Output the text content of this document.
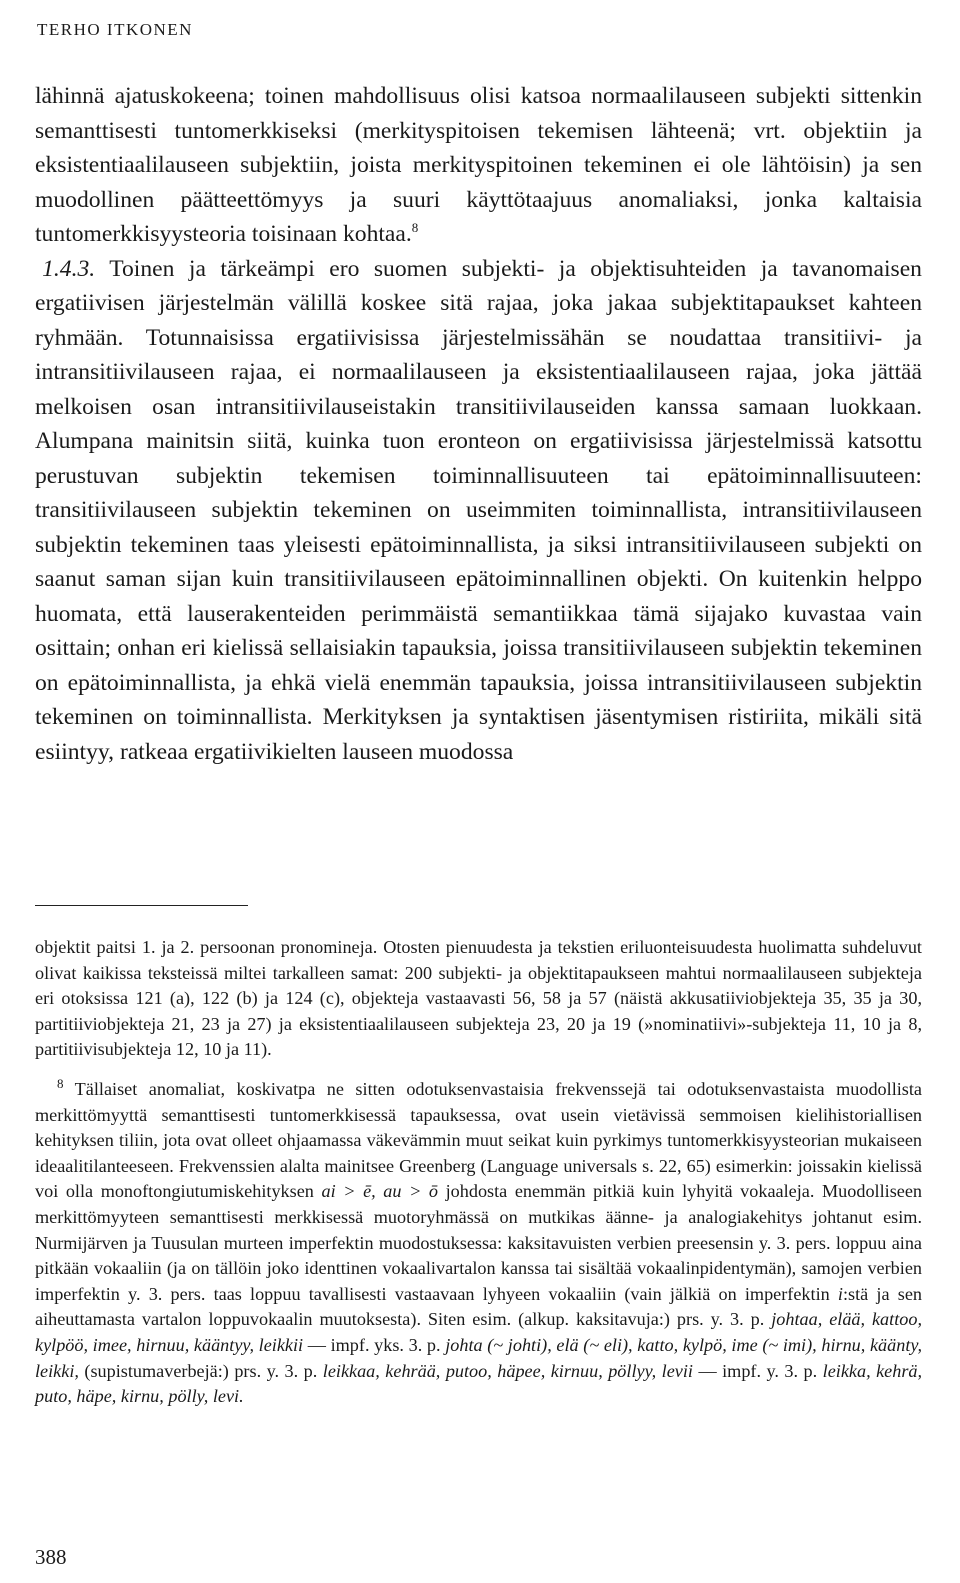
TERHO ITKONEN

lähinnä ajatuskokeena; toinen mahdollisuus olisi katsoa normaalilauseen subjekti sittenkin semanttisesti tuntomerkkiseksi (merkityspitoisen tekemisen lähteenä; vrt. objektiin ja eksistentiaalilauseen subjektiin, joista merkityspitoinen tekeminen ei ole lähtöisin) ja sen muodollinen päätteettömyys ja suuri käyttötaajuus anomaliaksi, jonka kaltaisia tuntomerkkisyysteoria toisinaan kohtaa.$^8$

1.4.3. Toinen ja tärkeämpi ero suomen subjekti- ja objektisuhteiden ja tavanomaisen ergatiivisen järjestelmän välillä koskee sitä rajaa, joka jakaa subjektitapaukset kahteen ryhmään. Totunnaisissa ergatiivisissa järjestelmissähän se noudattaa transitiivi- ja intransitiivilauseen rajaa, ei normaalilauseen ja eksistentiaalilauseen rajaa, joka jättää melkoisen osan intransitiivilauseistakin transitiivilauseiden kanssa samaan luokkaan. Alumpana mainitsin siitä, kuinka tuon eronteon on ergatiivisissa järjestelmissä katsottu perustuvan subjektin tekemisen toiminnallisuuteen tai epätoiminnallisuuteen: transitiivilauseen subjektin tekeminen on useimmiten toiminnallista, intransitiivilauseen subjektin tekeminen taas yleisesti epätoiminnallista, ja siksi intransitiivilauseen subjekti on saanut saman sijan kuin transitiivilauseen epätoiminnallinen objekti. On kuitenkin helppo huomata, että lauserakenteiden perimmäistä semantiikkaa tämä sijajako kuvastaa vain osittain; onhan eri kielissä sellaisiakin tapauksia, joissa transitiivilauseen subjektin tekeminen on epätoiminnallista, ja ehkä vielä enemmän tapauksia, joissa intransitiivilauseen subjektin tekeminen on toiminnallista. Merkityksen ja syntaktisen jäsentymisen ristiriita, mikäli sitä esiintyy, ratkeaa ergatiivikielten lauseen muodossa

objektit paitsi 1. ja 2. persoonan pronomineja. Otosten pienuudesta ja tekstien eriluonteisuudesta huolimatta suhdeluvut olivat kaikissa teksteissä miltei tarkalleen samat: 200 subjekti- ja objektitapaukseen mahtui normaalilauseen subjekteja eri otoksissa 121 (a), 122 (b) ja 124 (c), objekteja vastaavasti 56, 58 ja 57 (näistä akkusatiiviobjekteja 35, 35 ja 30, partitiiviobjekteja 21, 23 ja 27) ja eksistentiaalilauseen subjekteja 23, 20 ja 19 (»nominatiivi»-subjekteja 11, 10 ja 8, partitiivisubjekteja 12, 10 ja 11).

$^8$ Tällaiset anomaliat, koskivatpa ne sitten odotuksenvastaisia frekvenssejä tai odotuksenvastaista muodollista merkittömyyttä semanttisesti tuntomerkkisessä tapauksessa, ovat usein vietävissä semmoisen kielihistoriallisen kehityksen tiliin, jota ovat olleet ohjaamassa väkevämmin muut seikat kuin pyrkimys tuntomerkkisyysteorian mukaiseen ideaalitilanteeseen. Frekvenssien alalta mainitsee Greenberg (Language universals s. 22, 65) esimerkin: joissakin kielissä voi olla monoftongiutumiskehityksen ai > ē, au > ō johdosta enemmän pitkiä kuin lyhyitä vokaaleja. Muodolliseen merkittömyyteen semanttisesti merkkisessä muotoryhmässä on mutkikas äänne- ja analogiakehitys johtanut esim. Nurmijärven ja Tuusulan murteen imperfektin muodostuksessa: kaksitavuisten verbien preesensin y. 3. pers. loppuu aina pitkään vokaaliin (ja on tällöin joko identtinen vokaalivartalon kanssa tai sisältää vokaalinpidentymän), samojen verbien imperfektin y. 3. pers. taas loppuu tavallisesti vastaavaan lyhyeen vokaaliin (vain jälkiä on imperfektin i:stä ja sen aiheuttamasta vartalon loppuvokaalin muutoksesta). Siten esim. (alkup. kaksitavuja:) prs. y. 3. p. johtaa, elää, kattoo, kylpöö, imee, hirnuu, kääntyy, leikkii — impf. yks. 3. p. johta (~ johti), elä (~ eli), katto, kylpö, ime (~ imi), hirnu, käänty, leikki, (supistumaverbejä:) prs. y. 3. p. leikkaa, kehrää, putoo, häpee, kirnuu, pöllyy, levii — impf. y. 3. p. leikka, kehrä, puto, häpe, kirnu, pölly, levi.

388
